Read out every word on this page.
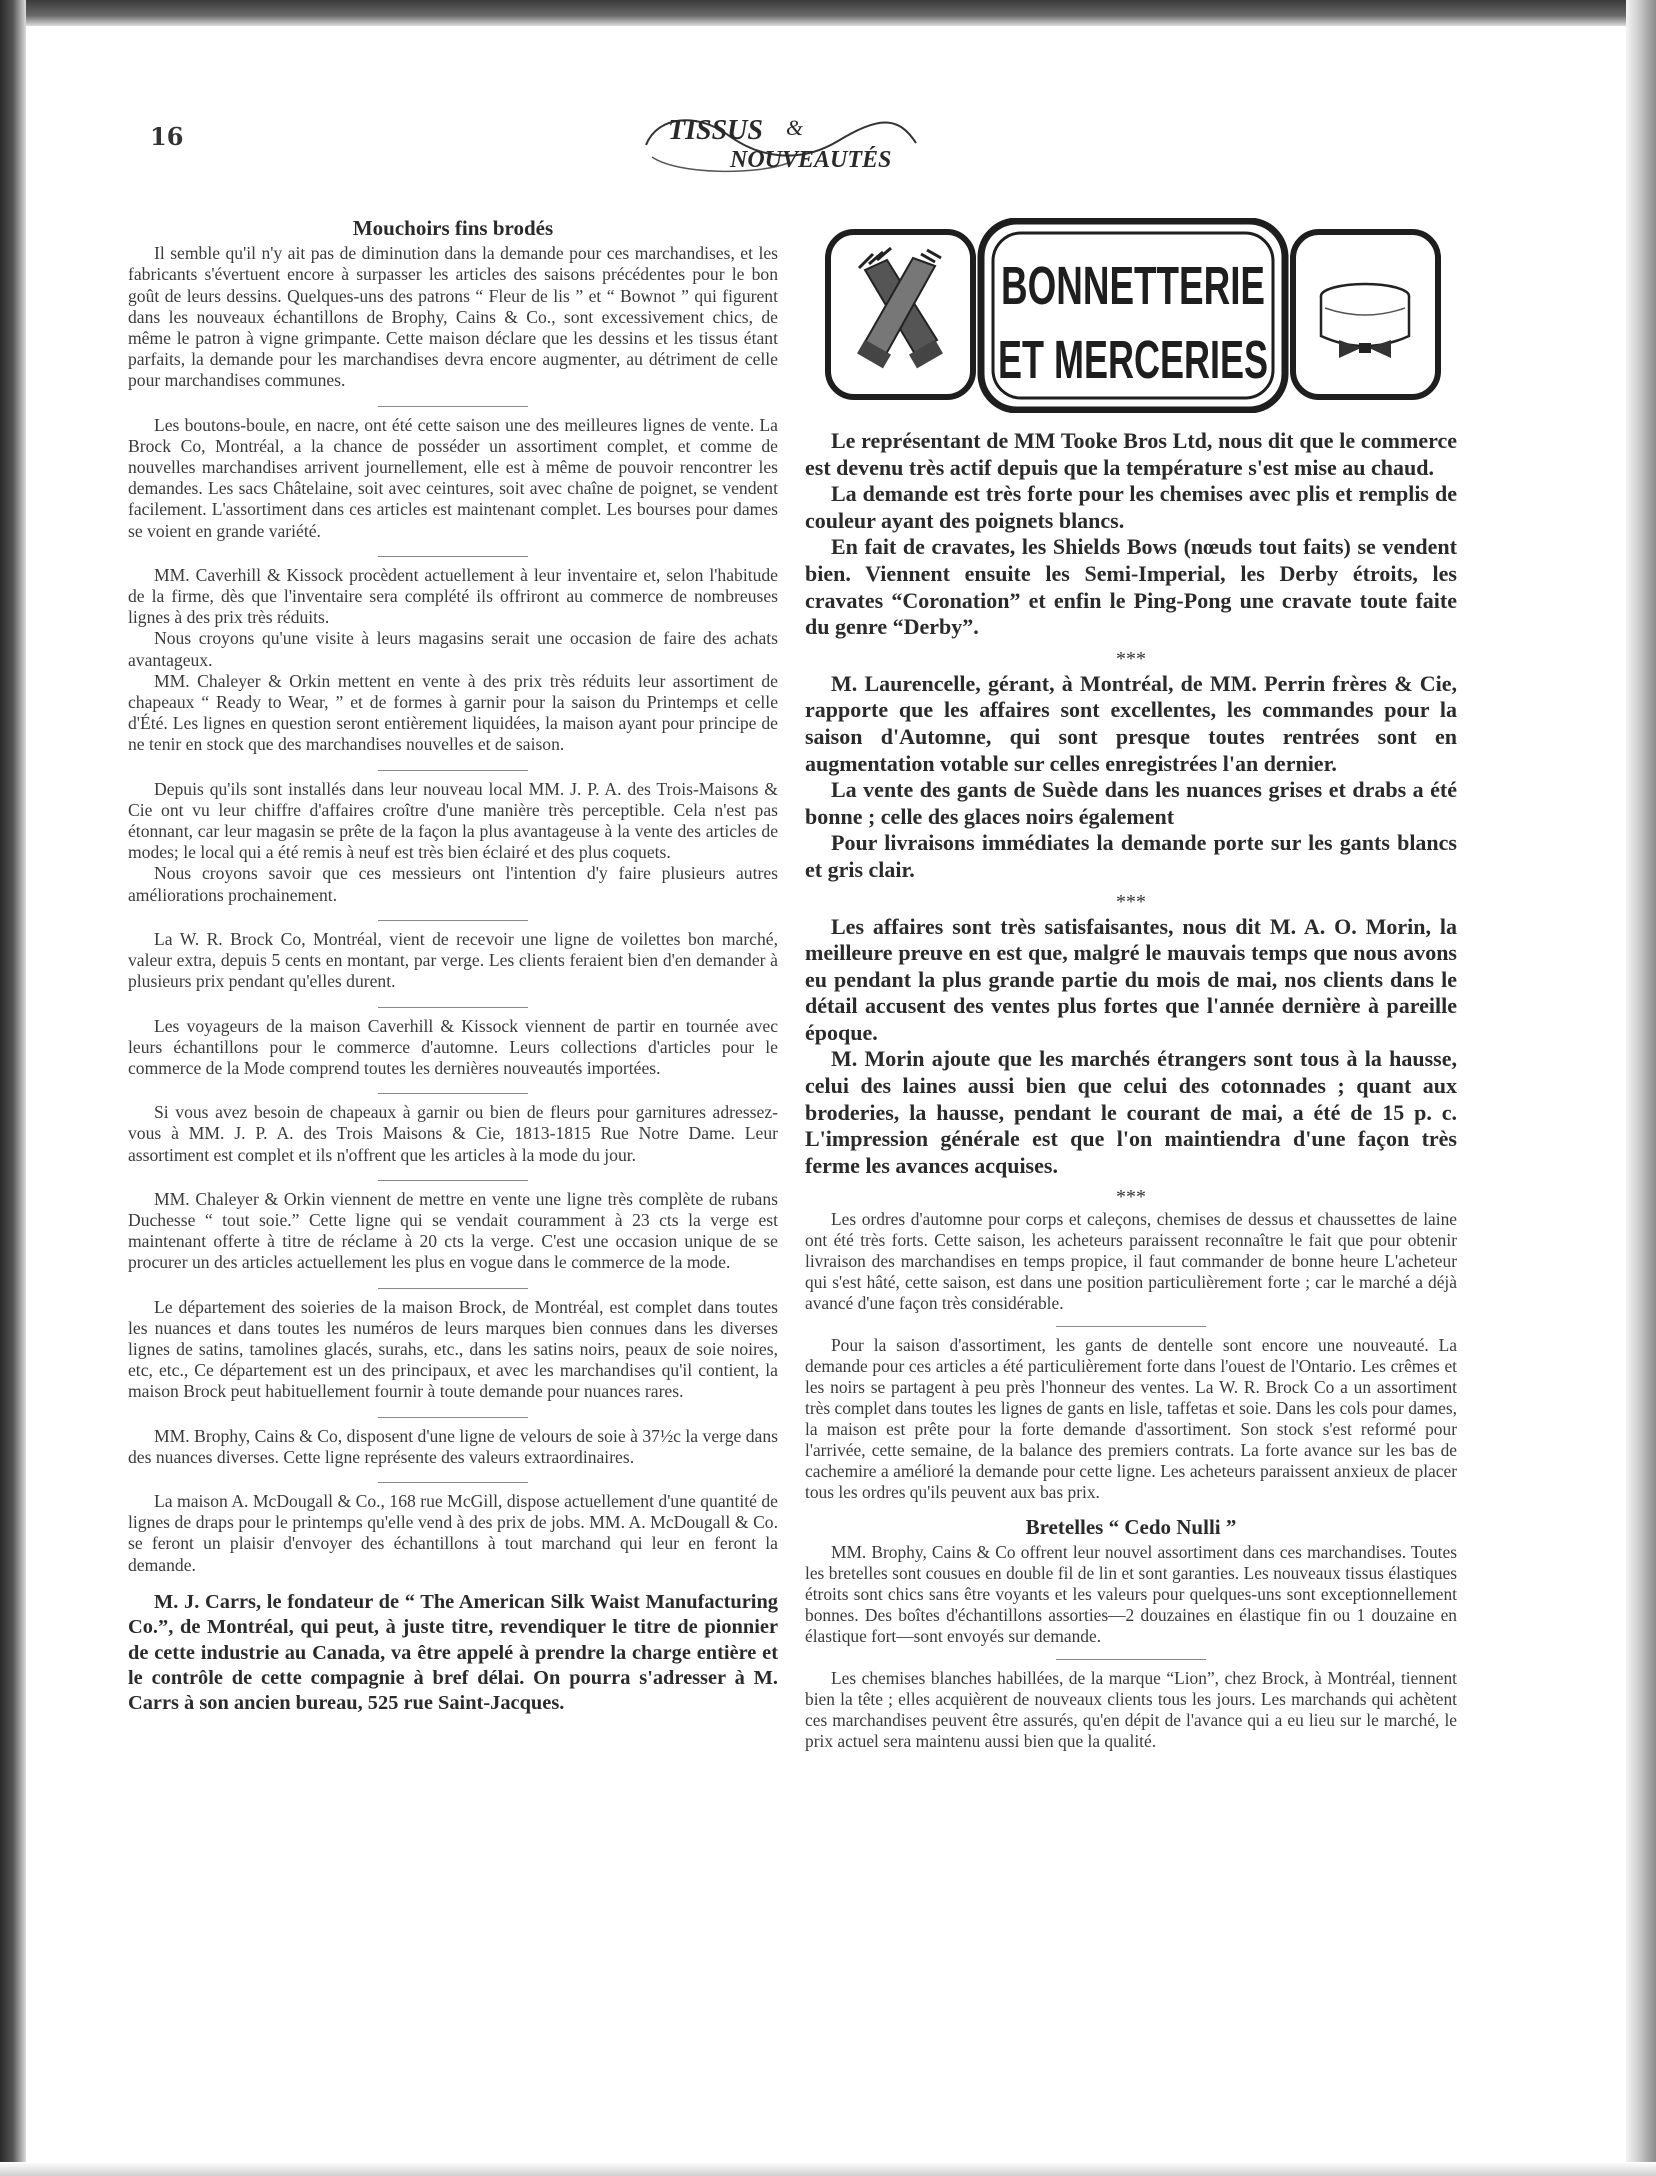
16	TISSUS &
NOUVEAUTÉS
Mouchoirs fins brodés

Il semble qu'il n'y ait pas de diminution dans la demande pour ces marchandises, et les fabricants s'évertuent encore à surpasser les articles des saisons précédentes pour le bon goût de leurs dessins. Quelques-uns des patrons “ Fleur de lis ” et “ Bownot ” qui figurent dans les nouveaux échantillons de Brophy, Cains & Co., sont excessivement chics, de même le patron à vigne grimpante. Cette maison déclare que les dessins et les tissus étant parfaits, la demande pour les marchandises devra encore augmenter, au détriment de celle pour marchandises communes.

Les boutons-boule, en nacre, ont été cette saison une des meilleures lignes de vente. La Brock Co, Montréal, a la chance de posséder un assortiment complet, et comme de nouvelles marchandises arrivent journellement, elle est à même de pouvoir rencontrer les demandes. Les sacs Châtelaine, soit avec ceintures, soit avec chaîne de poignet, se vendent facilement. L'assortiment dans ces articles est maintenant complet. Les bourses pour dames se voient en grande variété.

MM. Caverhill & Kissock procèdent actuellement à leur inventaire et, selon l'habitude de la firme, dès que l'inventaire sera complété ils offriront au commerce de nombreuses lignes à des prix très réduits.

Nous croyons qu'une visite à leurs magasins serait une occasion de faire des achats avantageux.

MM. Chaleyer & Orkin mettent en vente à des prix très réduits leur assortiment de chapeaux “ Ready to Wear, ” et de formes à garnir pour la saison du Printemps et celle d'Été. Les lignes en question seront entièrement liquidées, la maison ayant pour principe de ne tenir en stock que des marchandises nouvelles et de saison.

Depuis qu'ils sont installés dans leur nouveau local MM. J. P. A. des Trois-Maisons & Cie ont vu leur chiffre d'affaires croître d'une manière très perceptible. Cela n'est pas étonnant, car leur magasin se prête de la façon la plus avantageuse à la vente des articles de modes; le local qui a été remis à neuf est très bien éclairé et des plus coquets.

Nous croyons savoir que ces messieurs ont l'intention d'y faire plusieurs autres améliorations prochainement.

La W. R. Brock Co, Montréal, vient de recevoir une ligne de voilettes bon marché, valeur extra, depuis 5 cents en montant, par verge. Les clients feraient bien d'en demander à plusieurs prix pendant qu'elles durent.

Les voyageurs de la maison Caverhill & Kissock viennent de partir en tournée avec leurs échantillons pour le commerce d'automne. Leurs collections d'articles pour le commerce de la Mode comprend toutes les dernières nouveautés importées.

Si vous avez besoin de chapeaux à garnir ou bien de fleurs pour garnitures adressez-vous à MM. J. P. A. des Trois Maisons & Cie, 1813-1815 Rue Notre Dame. Leur assortiment est complet et ils n'offrent que les articles à la mode du jour.

MM. Chaleyer & Orkin viennent de mettre en vente une ligne très complète de rubans Duchesse “ tout soie.” Cette ligne qui se vendait couramment à 23 cts la verge est maintenant offerte à titre de réclame à 20 cts la verge. C'est une occasion unique de se procurer un des articles actuellement les plus en vogue dans le commerce de la mode.

Le département des soieries de la maison Brock, de Montréal, est complet dans toutes les nuances et dans toutes les numéros de leurs marques bien connues dans les diverses lignes de satins, tamolines glacés, surahs, etc., dans les satins noirs, peaux de soie noires, etc, etc., Ce département est un des principaux, et avec les marchandises qu'il contient, la maison Brock peut habituellement fournir à toute demande pour nuances rares.

MM. Brophy, Cains & Co, disposent d'une ligne de velours de soie à 37½c la verge dans des nuances diverses. Cette ligne représente des valeurs extraordinaires.

La maison A. McDougall & Co., 168 rue McGill, dispose actuellement d'une quantité de lignes de draps pour le printemps qu'elle vend à des prix de jobs. MM. A. McDougall & Co. se feront un plaisir d'envoyer des échantillons à tout marchand qui leur en feront la demande.

M. J. Carrs, le fondateur de “ The American Silk Waist Manufacturing Co.”, de Montréal, qui peut, à juste titre, revendiquer le titre de pionnier de cette industrie au Canada, va être appelé à prendre la charge entière et le contrôle de cette compagnie à bref délai. On pourra s'adresser à M. Carrs à son ancien bureau, 525 rue Saint-Jacques.

BONNETTERIE
ET MERCERIES

Le représentant de MM Tooke Bros Ltd, nous dit que le commerce est devenu très actif depuis que la température s'est mise au chaud.

La demande est très forte pour les chemises avec plis et remplis de couleur ayant des poignets blancs.

En fait de cravates, les Shields Bows (nœuds tout faits) se vendent bien. Viennent ensuite les Semi-Imperial, les Derby étroits, les cravates “Coronation” et enfin le Ping-Pong une cravate toute faite du genre “Derby”.

***

M. Laurencelle, gérant, à Montréal, de MM. Perrin frères & Cie, rapporte que les affaires sont excellentes, les commandes pour la saison d'Automne, qui sont presque toutes rentrées sont en augmentation votable sur celles enregistrées l'an dernier.

La vente des gants de Suède dans les nuances grises et drabs a été bonne ; celle des glaces noirs également

Pour livraisons immédiates la demande porte sur les gants blancs et gris clair.

***

Les affaires sont très satisfaisantes, nous dit M. A. O. Morin, la meilleure preuve en est que, malgré le mauvais temps que nous avons eu pendant la plus grande partie du mois de mai, nos clients dans le détail accusent des ventes plus fortes que l'année dernière à pareille époque.

M. Morin ajoute que les marchés étrangers sont tous à la hausse, celui des laines aussi bien que celui des cotonnades ; quant aux broderies, la hausse, pendant le courant de mai, a été de 15 p. c. L'impression générale est que l'on maintiendra d'une façon très ferme les avances acquises.

***

Les ordres d'automne pour corps et caleçons, chemises de dessus et chaussettes de laine ont été très forts. Cette saison, les acheteurs paraissent reconnaître le fait que pour obtenir livraison des marchandises en temps propice, il faut commander de bonne heure L'acheteur qui s'est hâté, cette saison, est dans une position particulièrement forte ; car le marché a déjà avancé d'une façon très considérable.

Pour la saison d'assortiment, les gants de dentelle sont encore une nouveauté. La demande pour ces articles a été particulièrement forte dans l'ouest de l'Ontario. Les crêmes et les noirs se partagent à peu près l'honneur des ventes. La W. R. Brock Co a un assortiment très complet dans toutes les lignes de gants en lisle, taffetas et soie. Dans les cols pour dames, la maison est prête pour la forte demande d'assortiment. Son stock s'est reformé pour l'arrivée, cette semaine, de la balance des premiers contrats. La forte avance sur les bas de cachemire a amélioré la demande pour cette ligne. Les acheteurs paraissent anxieux de placer tous les ordres qu'ils peuvent aux bas prix.

Bretelles “ Cedo Nulli ”

MM. Brophy, Cains & Co offrent leur nouvel assortiment dans ces marchandises. Toutes les bretelles sont cousues en double fil de lin et sont garanties. Les nouveaux tissus élastiques étroits sont chics sans être voyants et les valeurs pour quelques-uns sont exceptionnellement bonnes. Des boîtes d'échantillons assorties—2 douzaines en élastique fin ou 1 douzaine en élastique fort—sont envoyés sur demande.

Les chemises blanches habillées, de la marque “Lion”, chez Brock, à Montréal, tiennent bien la tête ; elles acquièrent de nouveaux clients tous les jours. Les marchands qui achètent ces marchandises peuvent être assurés, qu'en dépit de l'avance qui a eu lieu sur le marché, le prix actuel sera maintenu aussi bien que la qualité.
